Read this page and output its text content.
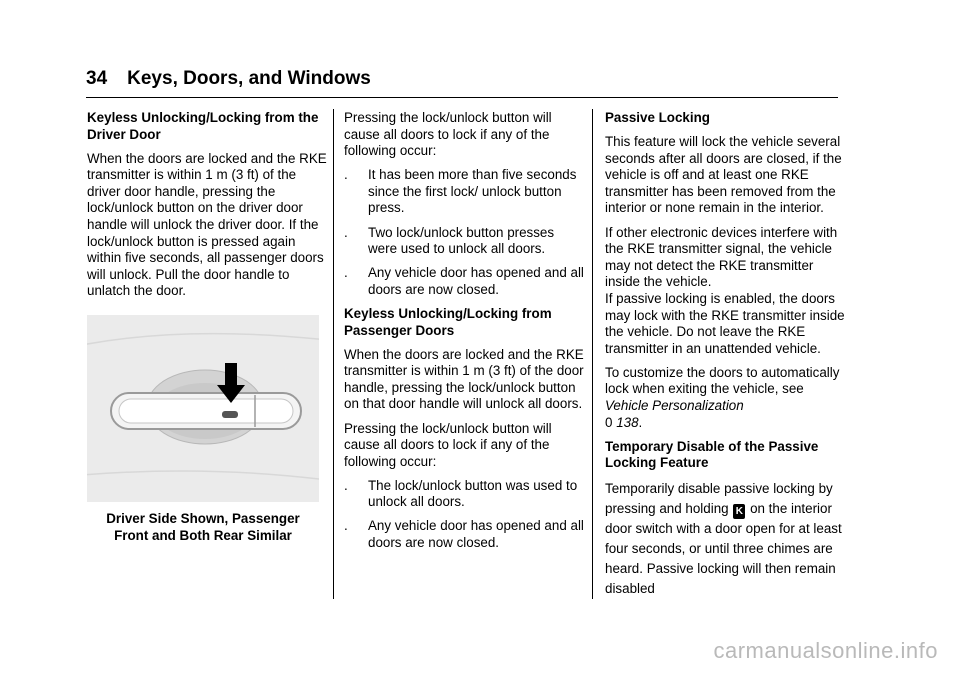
34 Keys, Doors, and Windows
Keyless Unlocking/Locking from the Driver Door

When the doors are locked and the RKE transmitter is within 1 m (3 ft) of the driver door handle, pressing the lock/unlock button on the driver door handle will unlock the driver door. If the lock/unlock button is pressed again within five seconds, all passenger doors will unlock. Pull the door handle to unlatch the door.

Driver Side Shown, Passenger
Front and Both Rear Similar

Pressing the lock/unlock button will cause all doors to lock if any of the following occur:

. It has been more than five seconds since the first lock/ unlock button press.
. Two lock/unlock button presses were used to unlock all doors.
. Any vehicle door has opened and all doors are now closed.
Keyless Unlocking/Locking from Passenger Doors

When the doors are locked and the RKE transmitter is within 1 m (3 ft) of the door handle, pressing the lock/unlock button on that door handle will unlock all doors.

Pressing the lock/unlock button will cause all doors to lock if any of the following occur:

. The lock/unlock button was used to unlock all doors.
. Any vehicle door has opened and all doors are now closed.
Passive Locking

This feature will lock the vehicle several seconds after all doors are closed, if the vehicle is off and at least one RKE transmitter has been removed from the interior or none remain in the interior.

If other electronic devices interfere with the RKE transmitter signal, the vehicle may not detect the RKE transmitter inside the vehicle.
If passive locking is enabled, the doors may lock with the RKE transmitter inside the vehicle. Do not leave the RKE transmitter in an unattended vehicle.

To customize the doors to automatically lock when exiting the vehicle, see Vehicle Personalization
0 138.

Temporary Disable of the Passive Locking Feature

Temporarily disable passive locking by pressing and holding K on the interior door switch with a door open for at least four seconds, or until three chimes are heard. Passive locking will then remain disabled

carmanualsonline.info
